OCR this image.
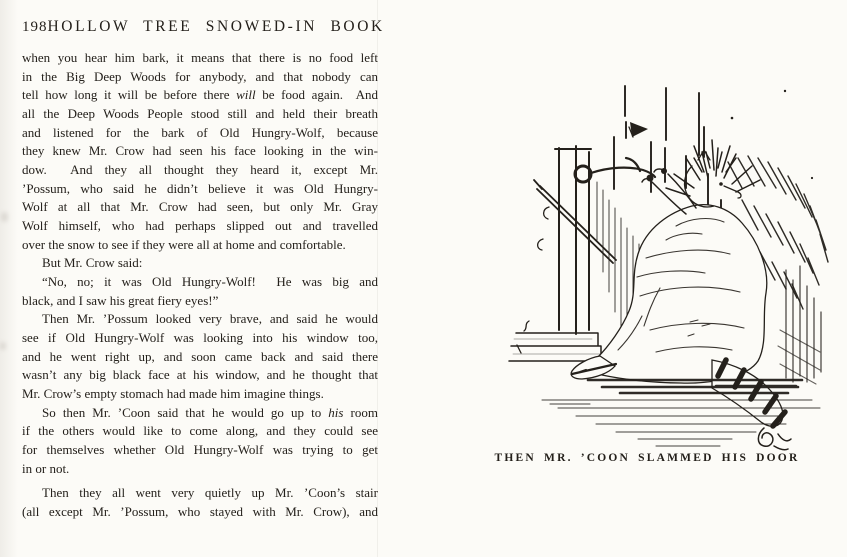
198 HOLLOW TREE SNOWED-IN BOOK
when you hear him bark, it means that there is no food left
in the Big Deep Woods for anybody, and that nobody can
tell how long it will be before there will be food again.  And
all the Deep Woods People stood still and held their breath
and listened for the bark of Old Hungry-Wolf, because
they knew Mr. Crow had seen his face looking in the win-
dow.  And they all thought they heard it, except Mr.
’Possum, who said he didn’t believe it was Old Hungry-
Wolf at all that Mr. Crow had seen, but only Mr. Gray
Wolf himself, who had perhaps slipped out and travelled
over the snow to see if they were all at home and comfortable.
But Mr. Crow said:
“No, no; it was Old Hungry-Wolf!  He was big and
black, and I saw his great fiery eyes!”
Then Mr. ’Possum looked very brave, and said he would
see if Old Hungry-Wolf was looking into his window too,
and he went right up, and soon came back and said there
wasn’t any big black face at his window, and he thought that
Mr. Crow’s empty stomach had made him imagine things.
So then Mr. ’Coon said that he would go up to his room
if the others would like to come along, and they could see
for themselves whether Old Hungry-Wolf was trying to get
in or not.
Then they all went very quietly up Mr. ’Coon’s stair
(all except Mr. ’Possum, who stayed with Mr. Crow), and
THEN MR. ’COON SLAMMED HIS DOOR
